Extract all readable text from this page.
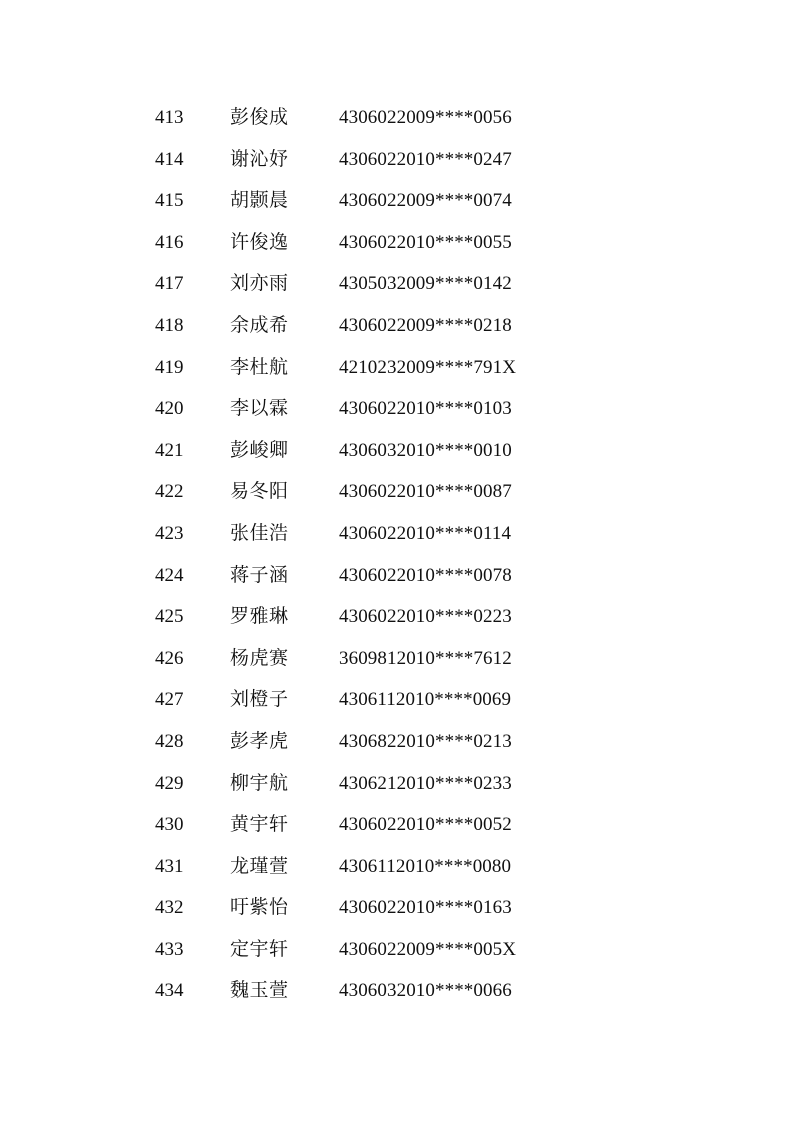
413 彭俊成	4306022009****0056
414 谢沁妤	4306022010****0247
415 胡颢晨	4306022009****0074
416 许俊逸	4306022010****0055
417 刘亦雨	4305032009****0142
418 余成希	4306022009****0218
419 李杜航	4210232009****791X
420 李以霖	4306022010****0103
421 彭峻卿	4306032010****0010
422 易冬阳	4306022010****0087
423 张佳浩	4306022010****0114
424 蒋子涵	4306022010****0078
425 罗雅琳	4306022010****0223
426 杨虎赛	3609812010****7612
427 刘橙子	4306112010****0069
428 彭孝虎	4306822010****0213
429 柳宇航	4306212010****0233
430 黄宇轩	4306022010****0052
431 龙瑾萱	4306112010****0080
432 吁紫怡	4306022010****0163
433 定宇轩	4306022009****005X
434 魏玉萱	4306032010****0066
